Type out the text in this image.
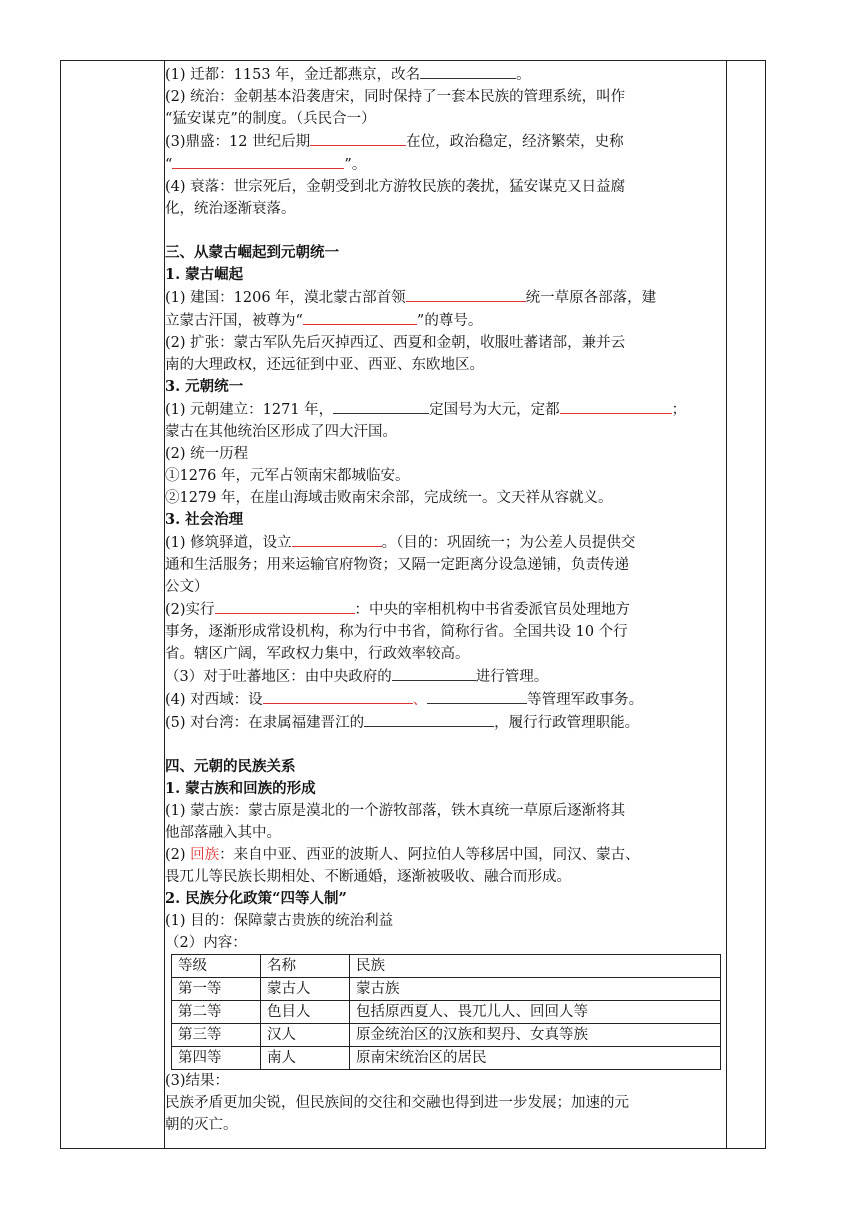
(1) 迁都：1153 年，金迁都燕京，改名	。

(2) 统治：金朝基本沿袭唐宋，同时保持了一套本民族的管理系统，叫作

“猛安谋克”的制度。（兵民合一）

(3)鼎盛：12 世纪后期	在位，政治稳定，经济繁荣，史称

“	”。

(4) 衰落：世宗死后，金朝受到北方游牧民族的袭扰，猛安谋克又日益腐

化，统治逐渐衰落。

三、从蒙古崛起到元朝统一

1. 蒙古崛起

(1) 建国：1206 年，漠北蒙古部首领	统一草原各部落，建

立蒙古汗国，被尊为“	”的尊号。

(2) 扩张：蒙古军队先后灭掉西辽、西夏和金朝，收服吐蕃诸部，兼并云

南的大理政权，还远征到中亚、西亚、东欧地区。

3. 元朝统一

(1) 元朝建立：1271 年，	定国号为大元，定都	；

蒙古在其他统治区形成了四大汗国。

(2) 统一历程

①1276 年，元军占领南宋都城临安。

②1279 年，在崖山海域击败南宋余部，完成统一。文天祥从容就义。

3. 社会治理

(1) 修筑驿道，设立	。（目的：巩固统一；为公差人员提供交

通和生活服务；用来运输官府物资；又隔一定距离分设急递铺，负责传递

公文）

(2)实行	：中央的宰相机构中书省委派官员处理地方

事务，逐渐形成常设机构，称为行中书省，简称行省。全国共设 10 个行

省。辖区广阔，军政权力集中，行政效率较高。

（3）对于吐蕃地区：由中央政府的	进行管理。

(4) 对西域：设	、	等管理军政事务。

(5) 对台湾：在隶属福建晋江的	，履行行政管理职能。

四、元朝的民族关系

1. 蒙古族和回族的形成

(1) 蒙古族：蒙古原是漠北的一个游牧部落，铁木真统一草原后逐渐将其

他部落融入其中。

(2) 回族：来自中亚、西亚的波斯人、阿拉伯人等移居中国，同汉、蒙古、

畏兀儿等民族长期相处、不断通婚，逐渐被吸收、融合而形成。

2. 民族分化政策“四等人制”

(1) 目的：保障蒙古贵族的统治利益

（2）内容：

等级	名称	民族
第一等	蒙古人	蒙古族
第二等	色目人	包括原西夏人、畏兀儿人、回回人等
第三等	汉人	原金统治区的汉族和契丹、女真等族
第四等	南人	原南宋统治区的居民

(3)结果：

民族矛盾更加尖锐，但民族间的交往和交融也得到进一步发展；加速的元

朝的灭亡。
